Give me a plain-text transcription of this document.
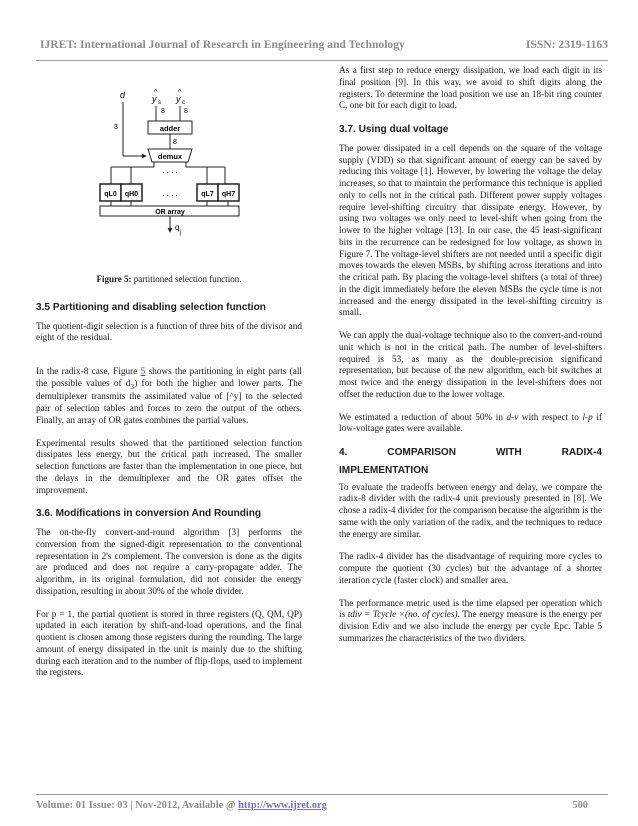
IJRET: International Journal of Research in Engineering and Technology	ISSN: 2319-1163
d	^
y s
^
y c
8	8
adder
8
3
demux
. . . .
qL0 qH0	. . . .	qL7 qH7
OR array
q
j
Figure 5: partitioned selection function.
3.5 Partitioning and disabling selection function

The quotient-digit selection is a function of three bits of the divisor and eight of the residual.

In the radix-8 case, Figure 5 shows the partitioning in eight parts (all the possible values of $d_3$) for both the higher and lower parts. The demultiplexer transmits the assimilated value of [^y] to the selected pair of selection tables and forces to zero the output of the others. Finally, an array of OR gates combines the partial values.

Experimental results showed that the partitioned selection function dissipates less energy, but the critical path increased. The smaller selection functions are faster than the implementation in one piece, but the delays in the demultiplexer and the OR gates offset the improvement.

3.6. Modifications in conversion And Rounding

The on-the-fly convert-and-round algorithm [3] performs the conversion from the signed-digit representation to the conventional representation in 2's complement. The conversion is done as the digits are produced and does not require a carry-propagate adder. The algorithm, in its original formulation, did not consider the energy dissipation, resulting in about 30% of the whole divider.

For p = 1, the partial quotient is stored in three registers (Q, QM, QP) updated in each iteration by shift-and-load operations, and the final quotient is chosen among those registers during the rounding. The large amount of energy dissipated in the unit is mainly due to the shifting during each iteration and to the number of flip-flops, used to implement the registers.

As a first step to reduce energy dissipation, we load each digit in its final position [9]. In this way, we avoid to shift digits along the registers. To determine the load position we use an 18-bit ring counter C, one bit for each digit to load.

3.7. Using dual voltage

The power dissipated in a cell depends on the square of the voltage supply (VDD) so that significant amount of energy can be saved by reducing this voltage [1]. However, by lowering the voltage the delay increases, so that to maintain the performance this technique is applied only to cells not in the critical path. Different power supply voltages require level-shifting circuitry that dissipate energy. However, by using two voltages we only need to level-shift when going from the lower to the higher voltage [13]. In our case, the 45 least-significant bits in the recurrence can be redesigned for low voltage, as shown in Figure 7. The voltage-level shifters are not needed until a specific digit moves towards the eleven MSBs, by shifting across iterations and into the critical path. By placing the voltage-level shifters (a total of three) in the digit immediately before the eleven MSBs the cycle time is not increased and the energy dissipated in the level-shifting circuitry is small.

We can apply the dual-voltage technique also to the convert-and-round unit which is not in the critical path. The number of level-shifters required is 53, as many as the double-precision significand representation, but because of the new algorithm, each bit switches at most twice and the energy dissipation in the level-shifters does not offset the reduction due to the lower voltage.

We estimated a reduction of about 50% in d-v with respect to l-p if low-voltage gates were available.

4.	COMPARISON	WITH	RADIX-4
IMPLEMENTATION

To evaluate the tradeoffs between energy and delay, we compare the radix-8 divider with the radix-4 unit previously presented in [8]. We chose a radix-4 divider for the comparison because the algorithm is the same with the only variation of the radix, and the techniques to reduce the energy are similar.

The radix-4 divider has the disadvantage of requiring more cycles to compute the quotient (30 cycles) but the advantage of a shorter iteration cycle (faster clock) and smaller area.

The performance metric used is the time elapsed per operation which is tdiv = Tcycle ×(no. of cycles). The energy measure is the energy per division Ediv and we also include the energy per cycle Epc. Table 5 summarizes the characteristics of the two dividers.

Volume: 01 Issue: 03 | Nov-2012, Available @ http://www.ijret.org	500
